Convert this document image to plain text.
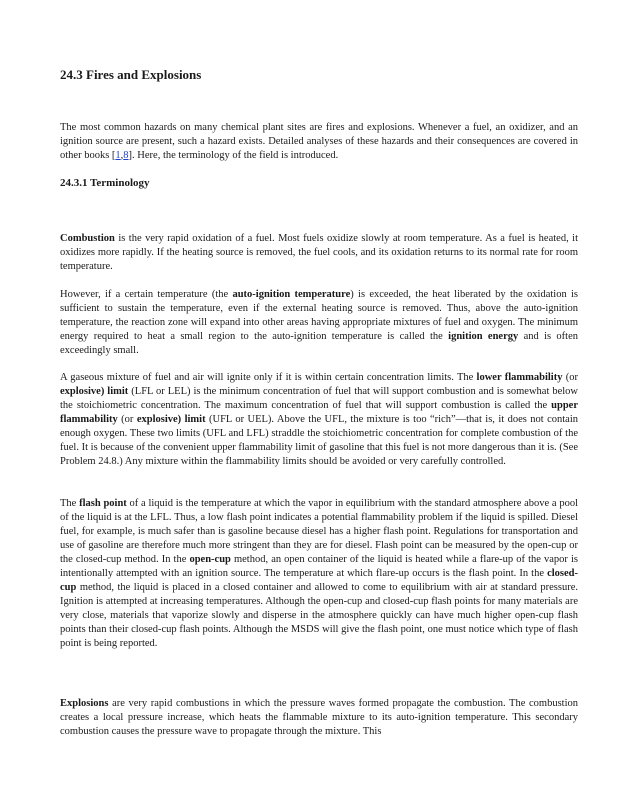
24.3 Fires and Explosions

The most common hazards on many chemical plant sites are fires and explosions. Whenever a fuel, an oxidizer, and an ignition source are present, such a hazard exists. Detailed analyses of these hazards and their consequences are covered in other books [1,8]. Here, the terminology of the field is introduced.

24.3.1 Terminology

Combustion is the very rapid oxidation of a fuel. Most fuels oxidize slowly at room temperature. As a fuel is heated, it oxidizes more rapidly. If the heating source is removed, the fuel cools, and its oxidation returns to its normal rate for room temperature.

However, if a certain temperature (the auto-ignition temperature) is exceeded, the heat liberated by the oxidation is sufficient to sustain the temperature, even if the external heating source is removed. Thus, above the auto-ignition temperature, the reaction zone will expand into other areas having appropriate mixtures of fuel and oxygen. The minimum energy required to heat a small region to the auto-ignition temperature is called the ignition energy and is often exceedingly small.

A gaseous mixture of fuel and air will ignite only if it is within certain concentration limits. The lower flammability (or explosive) limit (LFL or LEL) is the minimum concentration of fuel that will support combustion and is somewhat below the stoichiometric concentration. The maximum concentration of fuel that will support combustion is called the upper flammability (or explosive) limit (UFL or UEL). Above the UFL, the mixture is too “rich”—that is, it does not contain enough oxygen. These two limits (UFL and LFL) straddle the stoichiometric concentration for complete combustion of the fuel. It is because of the convenient upper flammability limit of gasoline that this fuel is not more dangerous than it is. (See Problem 24.8.) Any mixture within the flammability limits should be avoided or very carefully controlled.

The flash point of a liquid is the temperature at which the vapor in equilibrium with the standard atmosphere above a pool of the liquid is at the LFL. Thus, a low flash point indicates a potential flammability problem if the liquid is spilled. Diesel fuel, for example, is much safer than is gasoline because diesel has a higher flash point. Regulations for transportation and use of gasoline are therefore much more stringent than they are for diesel. Flash point can be measured by the open-cup or the closed-cup method. In the open-cup method, an open container of the liquid is heated while a flare-up of the vapor is intentionally attempted with an ignition source. The temperature at which flare-up occurs is the flash point. In the closed-cup method, the liquid is placed in a closed container and allowed to come to equilibrium with air at standard pressure. Ignition is attempted at increasing temperatures. Although the open-cup and closed-cup flash points for many materials are very close, materials that vaporize slowly and disperse in the atmosphere quickly can have much higher open-cup flash points than their closed-cup flash points. Although the MSDS will give the flash point, one must notice which type of flash point is being reported.

Explosions are very rapid combustions in which the pressure waves formed propagate the combustion. The combustion creates a local pressure increase, which heats the flammable mixture to its auto-ignition temperature. This secondary combustion causes the pressure wave to propagate through the mixture. This
